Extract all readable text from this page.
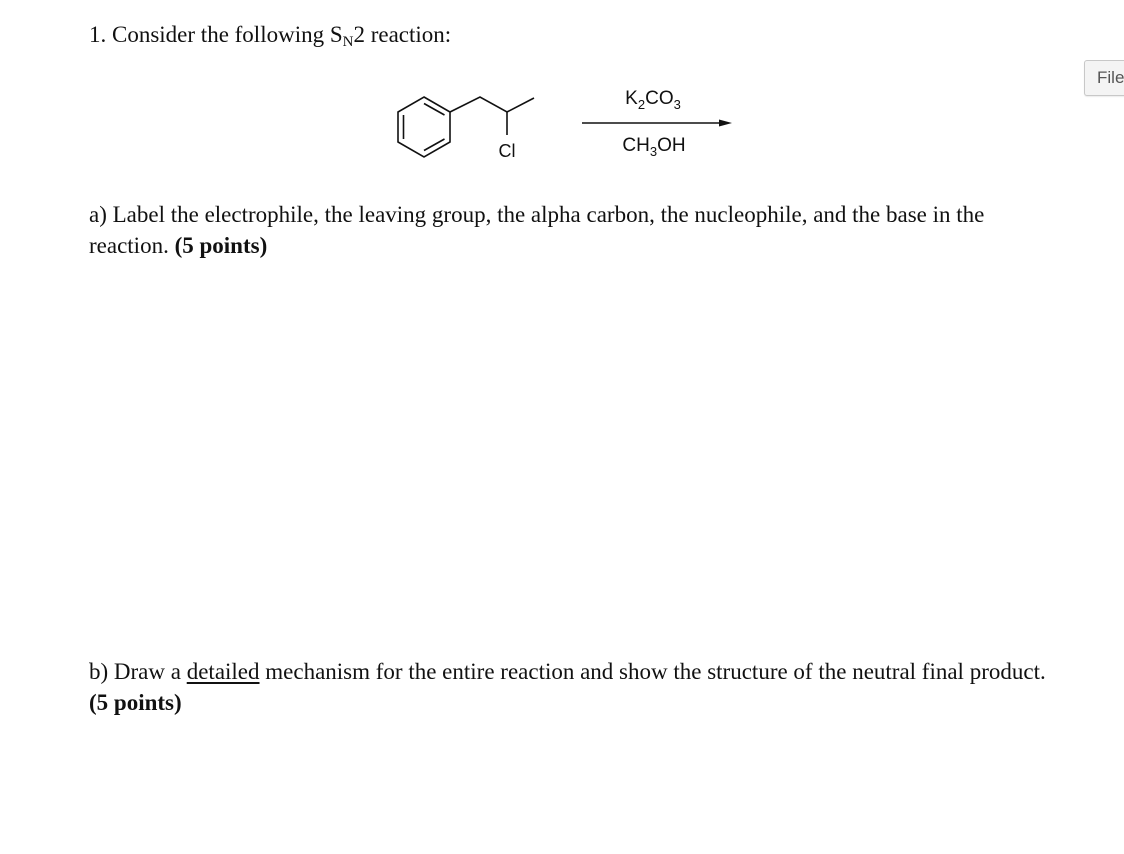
1. Consider the following $S_N2$ reaction:
Cl
$K_2CO_3$
$CH_3OH$
a) Label the electrophile, the leaving group, the alpha carbon, the nucleophile, and the base in the reaction. (5 points)
b) Draw a detailed mechanism for the entire reaction and show the structure of the neutral final product. (5 points)
File
